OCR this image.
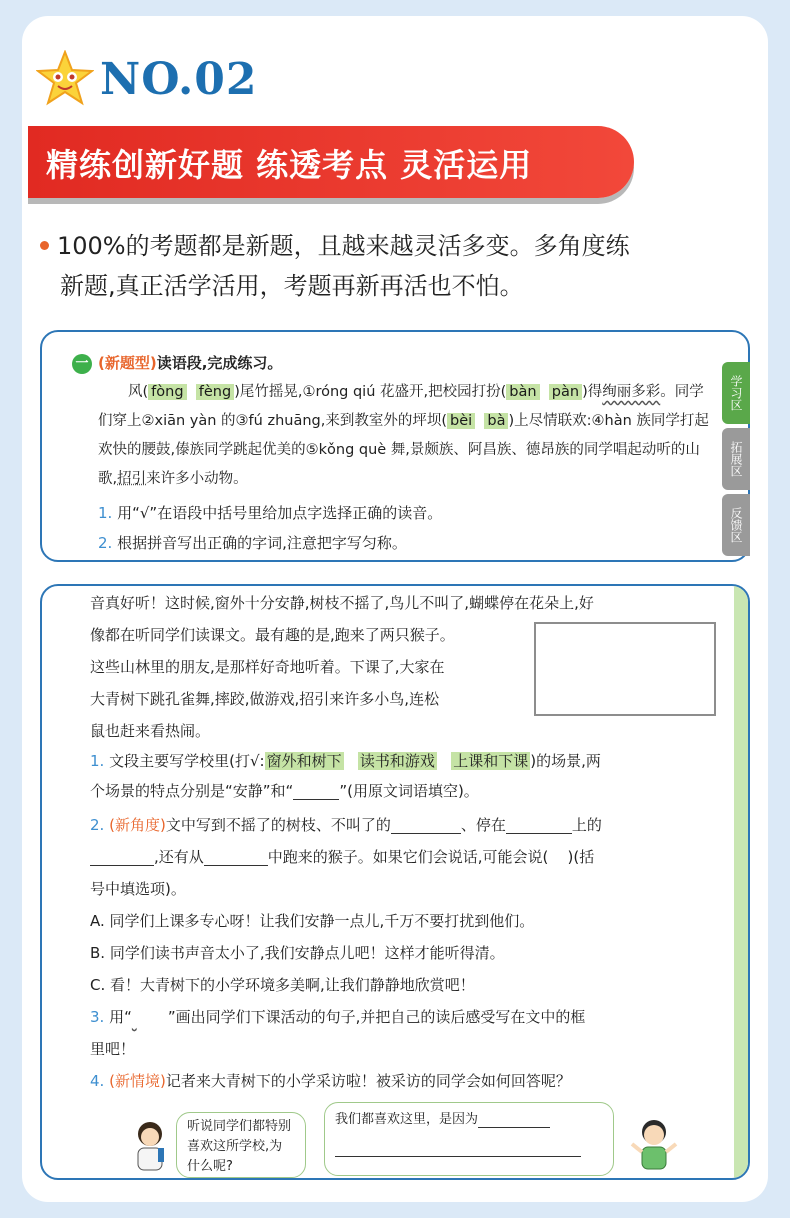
NO.02
精练创新好题 练透考点 灵活运用
100%的考题都是新题，且越来越灵活多变。多角度练
新题,真正活学活用，考题再新再活也不怕。
一 (新题型)读语段,完成练习。
风( fòng fèng )尾竹摇晃,①róng qiú 花盛开,把校园打扮( bàn pàn )得绚丽多彩。同学们穿上②xiān yàn 的③fú zhuāng,来到教室外的坪坝( bèi bà )上尽情联欢:④hàn 族同学打起欢快的腰鼓,傣族同学跳起优美的⑤kǒng què 舞,景颇族、阿昌族、德昂族的同学唱起动听的山歌,招引来许多小动物。
1. 用“√”在语段中括号里给加点字选择正确的读音。
2. 根据拼音写出正确的字词,注意把字写匀称。
学习区
拓展区
反馈区
音真好听！这时候,窗外十分安静,树枝不摇了,鸟儿不叫了,蝴蝶停在花朵上,好
像都在听同学们读课文。最有趣的是,跑来了两只猴子。
这些山林里的朋友,是那样好奇地听着。下课了,大家在
大青树下跳孔雀舞,摔跤,做游戏,招引来许多小鸟,连松
鼠也赶来看热闹。
1. 文段主要写学校里(打√: 窗外和树下 读书和游戏 上课和下课 )的场景,两
个场景的特点分别是“安静”和“	”(用原文词语填空)。
2. (新角度)文中写到不摇了的树枝、不叫了的	、停在	上的
,还有从	中跑来的猴子。如果它们会说话,可能会说( )(括
号中填选项)。
A. 同学们上课多专心呀！让我们安静一点儿,千万不要打扰到他们。
B. 同学们读书声音太小了,我们安静点儿吧！这样才能听得清。
C. 看！大青树下的小学环境多美啊,让我们静静地欣赏吧！
3. 用“ ”画出同学们下课活动的句子,并把自己的读后感受写在文中的框
里吧！
4. (新情境)记者来大青树下的小学采访啦！被采访的同学会如何回答呢？
听说同学们都特别喜欢这所学校,为什么呢?
我们都喜欢这里，是因为
